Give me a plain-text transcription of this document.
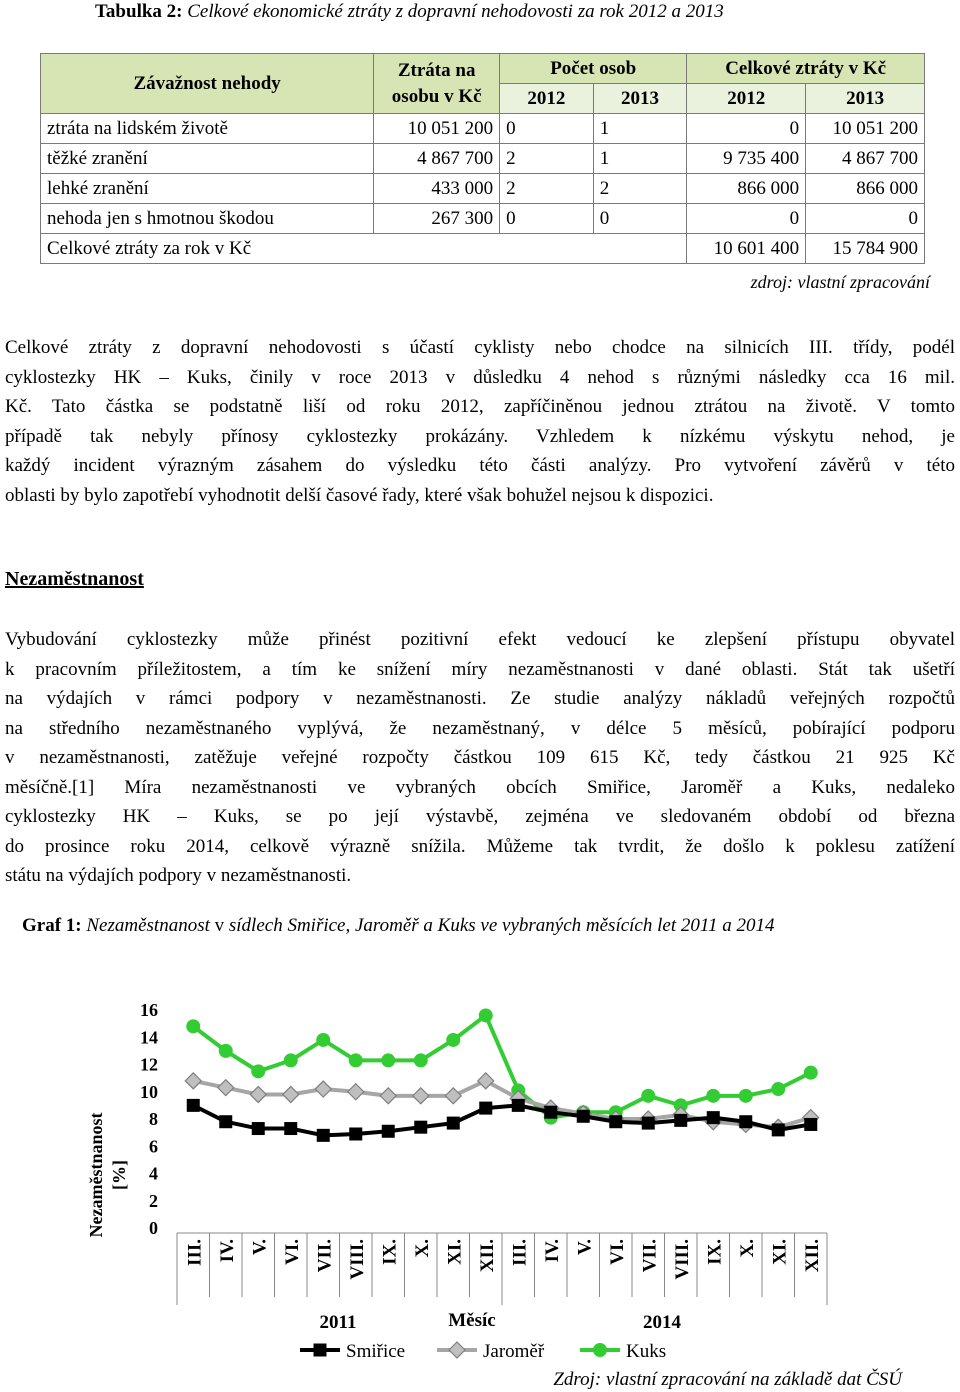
Tabulka 2: Celkové ekonomické ztráty z dopravní nehodovosti za rok 2012 a 2013
Závažnost nehody	Ztráta na
osobu v Kč	Počet osob		Celkové ztráty v Kč	
		2012	2013	2012	2013
ztráta na lidském životě	10 051 200	0	1	0	10 051 200
těžké zranění	4 867 700	2	1	9 735 400	4 867 700
lehké zranění	433 000	2	2	866 000	866 000
nehoda jen s hmotnou škodou	267 300	0	0	0	0
Celkové ztráty za rok v Kč				10 601 400	15 784 900
zdroj: vlastní zpracování
Celkové ztráty z dopravní nehodovosti s účastí cyklisty nebo chodce na silnicích III. třídy, podél
cyklostezky HK – Kuks, činily v roce 2013 v důsledku 4 nehod s různými následky cca 16 mil.
Kč. Tato částka se podstatně liší od roku 2012, zapříčiněnou jednou ztrátou na životě. V tomto
případě tak nebyly přínosy cyklostezky prokázány. Vzhledem k nízkému výskytu nehod, je
každý incident výrazným zásahem do výsledku této části analýzy. Pro vytvoření závěrů v této
oblasti by bylo zapotřebí vyhodnotit delší časové řady, které však bohužel nejsou k dispozici.
Nezaměstnanost
Vybudování cyklostezky může přinést pozitivní efekt vedoucí ke zlepšení přístupu obyvatel
k pracovním příležitostem, a tím ke snížení míry nezaměstnanosti v dané oblasti. Stát tak ušetří
na výdajích v rámci podpory v nezaměstnanosti. Ze studie analýzy nákladů veřejných rozpočtů
na středního nezaměstnaného vyplývá, že nezaměstnaný, v délce 5 měsíců, pobírající podporu
v nezaměstnanosti, zatěžuje veřejné rozpočty částkou 109 615 Kč, tedy částkou 21 925 Kč
měsíčně.[1] Míra nezaměstnanosti ve vybraných obcích Smiřice, Jaroměř a Kuks, nedaleko
cyklostezky HK – Kuks, se po její výstavbě, zejména ve sledovaném období od března
do prosince roku 2014, celkově výrazně snížila. Můžeme tak tvrdit, že došlo k poklesu zatížení
státu na výdajích podpory v nezaměstnanosti.
Graf 1: Nezaměstnanost v sídlech Smiřice, Jaroměř a Kuks ve vybraných měsících let 2011 a 2014
Nezaměstnanost [%]
0
2
4
6
8
10
12
14
16
III. IV. V. VI. VII. VIII. IX. X. XI. XII. III. IV. V. VI. VII. VIII. IX. X. XI. XII.
2011	Měsíc	2014
Smiřice	Jaroměř	Kuks
Zdroj: vlastní zpracování na základě dat ČSÚ
